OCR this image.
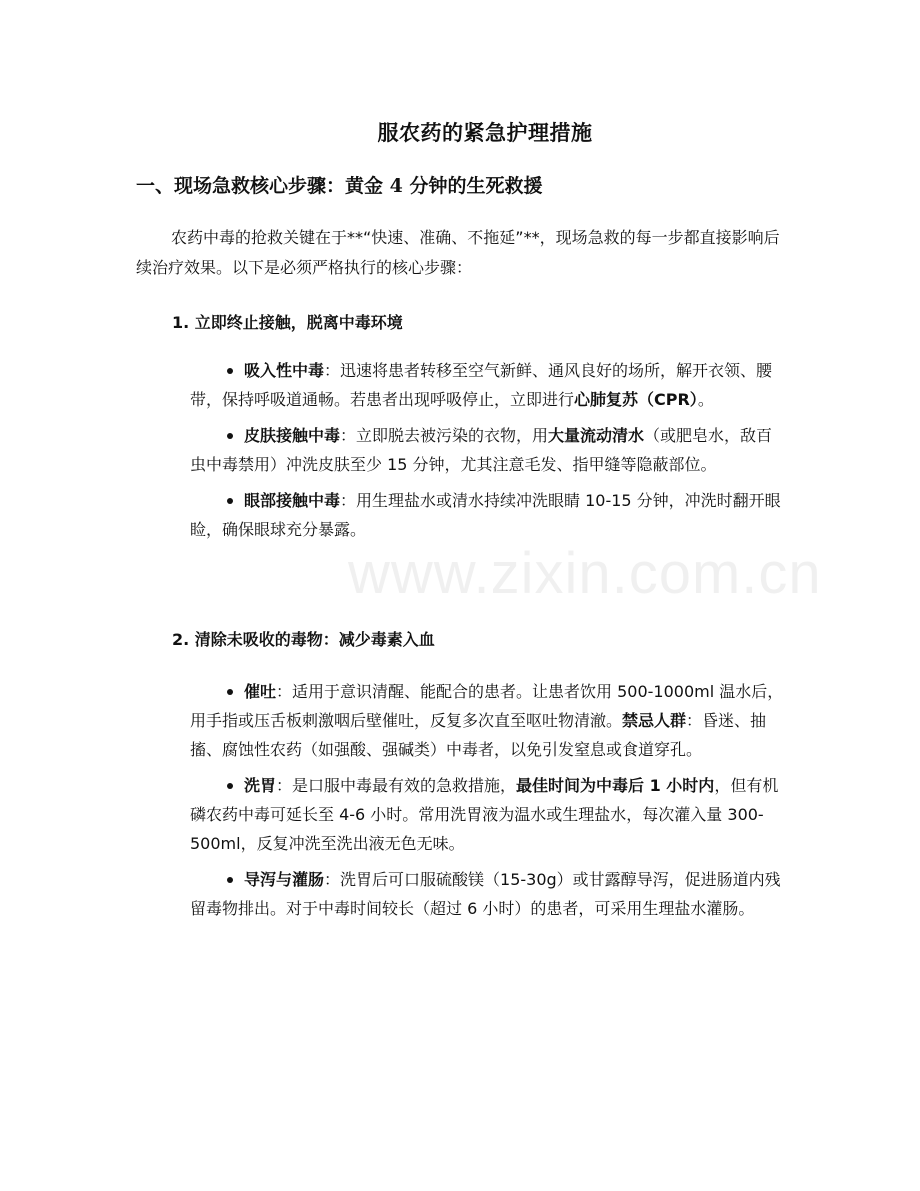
服农药的紧急护理措施
一、现场急救核心步骤：黄金 4 分钟的生死救援

农药中毒的抢救关键在于**“快速、准确、不拖延”**，现场急救的每一步都直接影响后续治疗效果。以下是必须严格执行的核心步骤：

1. 立即终止接触，脱离中毒环境
吸入性中毒：迅速将患者转移至空气新鲜、通风良好的场所，解开衣领、腰带，保持呼吸道通畅。若患者出现呼吸停止，立即进行心肺复苏（CPR）。
皮肤接触中毒：立即脱去被污染的衣物，用大量流动清水（或肥皂水，敌百虫中毒禁用）冲洗皮肤至少 15 分钟，尤其注意毛发、指甲缝等隐蔽部位。
眼部接触中毒：用生理盐水或清水持续冲洗眼睛 10-15 分钟，冲洗时翻开眼睑，确保眼球充分暴露。
2. 清除未吸收的毒物：减少毒素入血
催吐：适用于意识清醒、能配合的患者。让患者饮用 500-1000ml 温水后，用手指或压舌板刺激咽后壁催吐，反复多次直至呕吐物清澈。禁忌人群：昏迷、抽搐、腐蚀性农药（如强酸、强碱类）中毒者，以免引发窒息或食道穿孔。
洗胃：是口服中毒最有效的急救措施，最佳时间为中毒后 1 小时内，但有机磷农药中毒可延长至 4-6 小时。常用洗胃液为温水或生理盐水，每次灌入量 300-500ml，反复冲洗至洗出液无色无味。
导泻与灌肠：洗胃后可口服硫酸镁（15-30g）或甘露醇导泻，促进肠道内残留毒物排出。对于中毒时间较长（超过 6 小时）的患者，可采用生理盐水灌肠。
www.zixin.com.cn
